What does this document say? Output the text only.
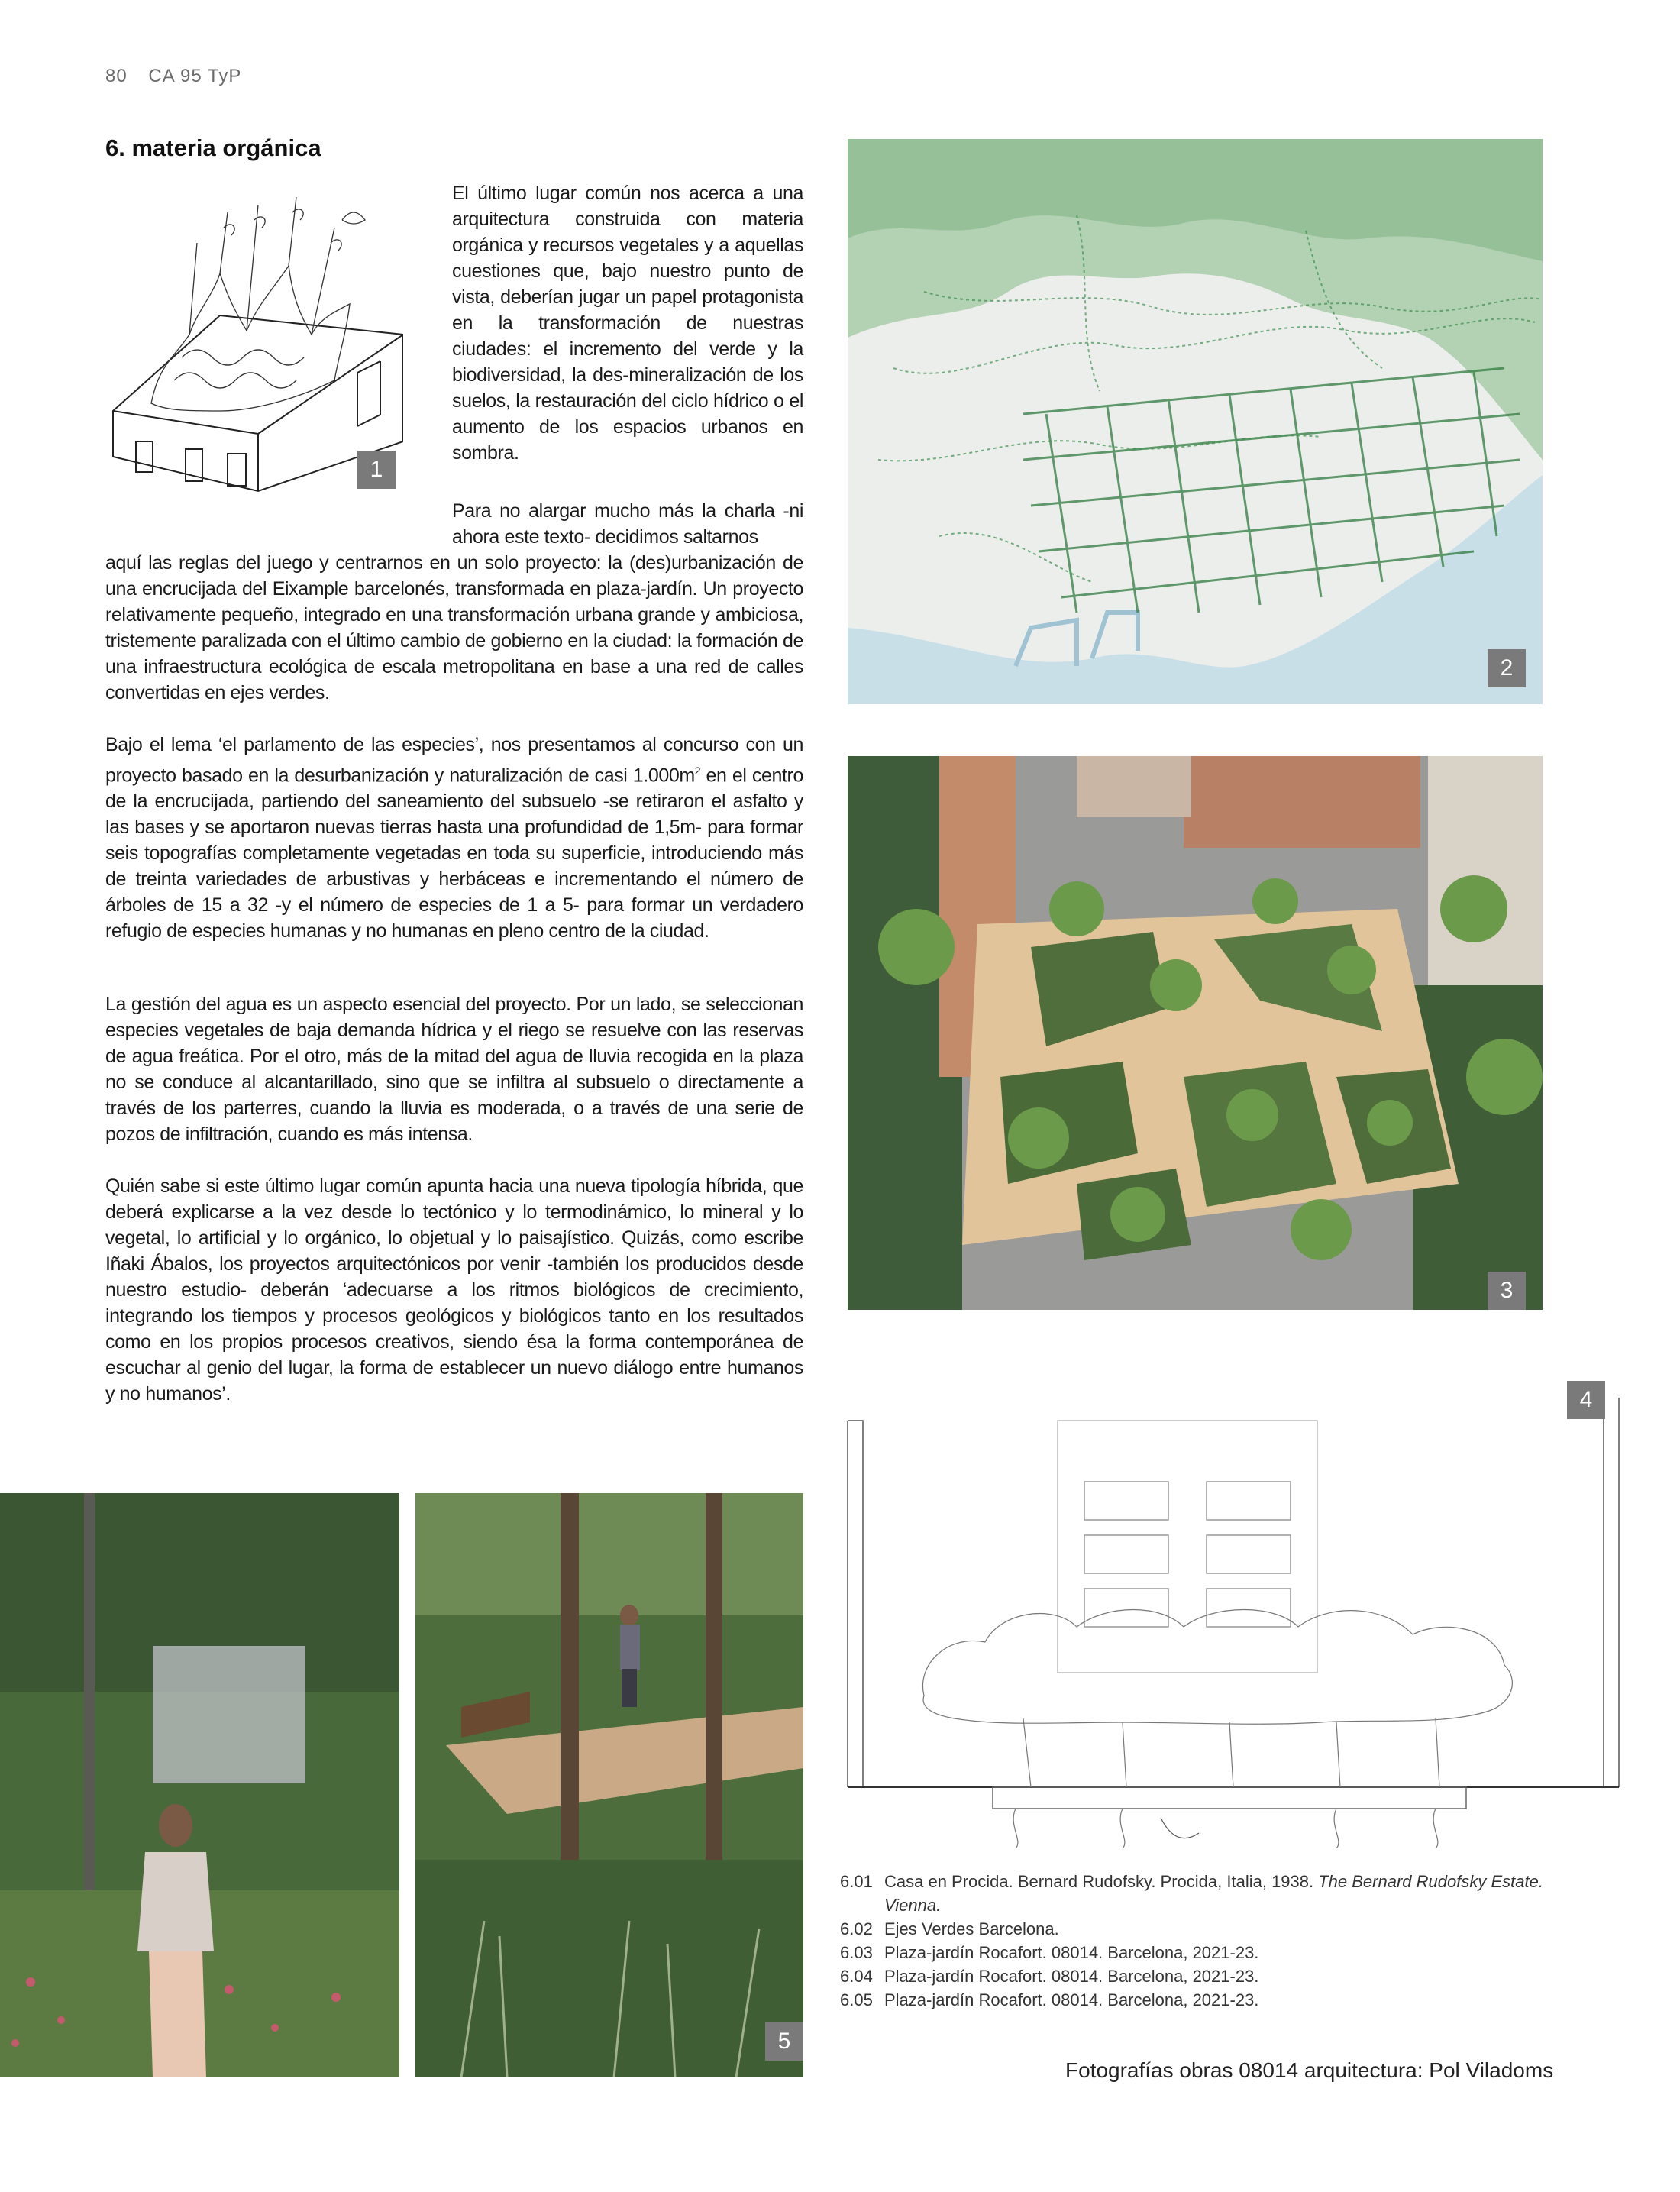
80 CA 95 TyP
6. materia orgánica
1

El último lugar común nos acerca a una arquitectura construida con materia orgánica y recursos vegetales y a aquellas cuestiones que, bajo nuestro punto de vista, deberían jugar un papel protagonista en la transformación de nuestras ciudades: el incremento del verde y la biodiversidad, la des-mineralización de los suelos, la restauración del ciclo hídrico o el aumento de los espacios urbanos en sombra.

Para no alargar mucho más la charla -ni ahora este texto- decidimos saltarnos

aquí las reglas del juego y centrarnos en un solo proyecto: la (des)urbanización de una encrucijada del Eixample barcelonés, transformada en plaza-jardín. Un proyecto relativamente pequeño, integrado en una transformación urbana grande y ambiciosa, tristemente paralizada con el último cambio de gobierno en la ciudad: la formación de una infraestructura ecológica de escala metropolitana en base a una red de calles convertidas en ejes verdes.

Bajo el lema ‘el parlamento de las especies’, nos presentamos al concurso con un proyecto basado en la desurbanización y naturalización de casi $1.000m^2$ en el centro de la encrucijada, partiendo del saneamiento del subsuelo -se retiraron el asfalto y las bases y se aportaron nuevas tierras hasta una profundidad de 1,5m- para formar seis topografías completamente vegetadas en toda su superficie, introduciendo más de treinta variedades de arbustivas y herbáceas e incrementando el número de árboles de 15 a 32 -y el número de especies de 1 a 5- para formar un verdadero refugio de especies humanas y no humanas en pleno centro de la ciudad.

La gestión del agua es un aspecto esencial del proyecto. Por un lado, se seleccionan especies vegetales de baja demanda hídrica y el riego se resuelve con las reservas de agua freática. Por el otro, más de la mitad del agua de lluvia recogida en la plaza no se conduce al alcantarillado, sino que se infiltra al subsuelo o directamente a través de los parterres, cuando la lluvia es moderada, o a través de una serie de pozos de infiltración, cuando es más intensa.

Quién sabe si este último lugar común apunta hacia una nueva tipología híbrida, que deberá explicarse a la vez desde lo tectónico y lo termodinámico, lo mineral y lo vegetal, lo artificial y lo orgánico, lo objetual y lo paisajístico. Quizás, como escribe Iñaki Ábalos, los proyectos arquitectónicos por venir -también los producidos desde nuestro estudio- deberán ‘adecuarse a los ritmos biológicos de crecimiento, integrando los tiempos y procesos geológicos y biológicos tanto en los resultados como en los propios procesos creativos, siendo ésa la forma contemporánea de escuchar al genio del lugar, la forma de establecer un nuevo diálogo entre humanos y no humanos’.

2
3
4
5
6.01 Casa en Procida. Bernard Rudofsky. Procida, Italia, 1938. The Bernard Rudofsky Estate. Vienna.
6.02 Ejes Verdes Barcelona.
6.03 Plaza-jardín Rocafort. 08014. Barcelona, 2021-23.
6.04 Plaza-jardín Rocafort. 08014. Barcelona, 2021-23.
6.05 Plaza-jardín Rocafort. 08014. Barcelona, 2021-23.
Fotografías obras 08014 arquitectura: Pol Viladoms
